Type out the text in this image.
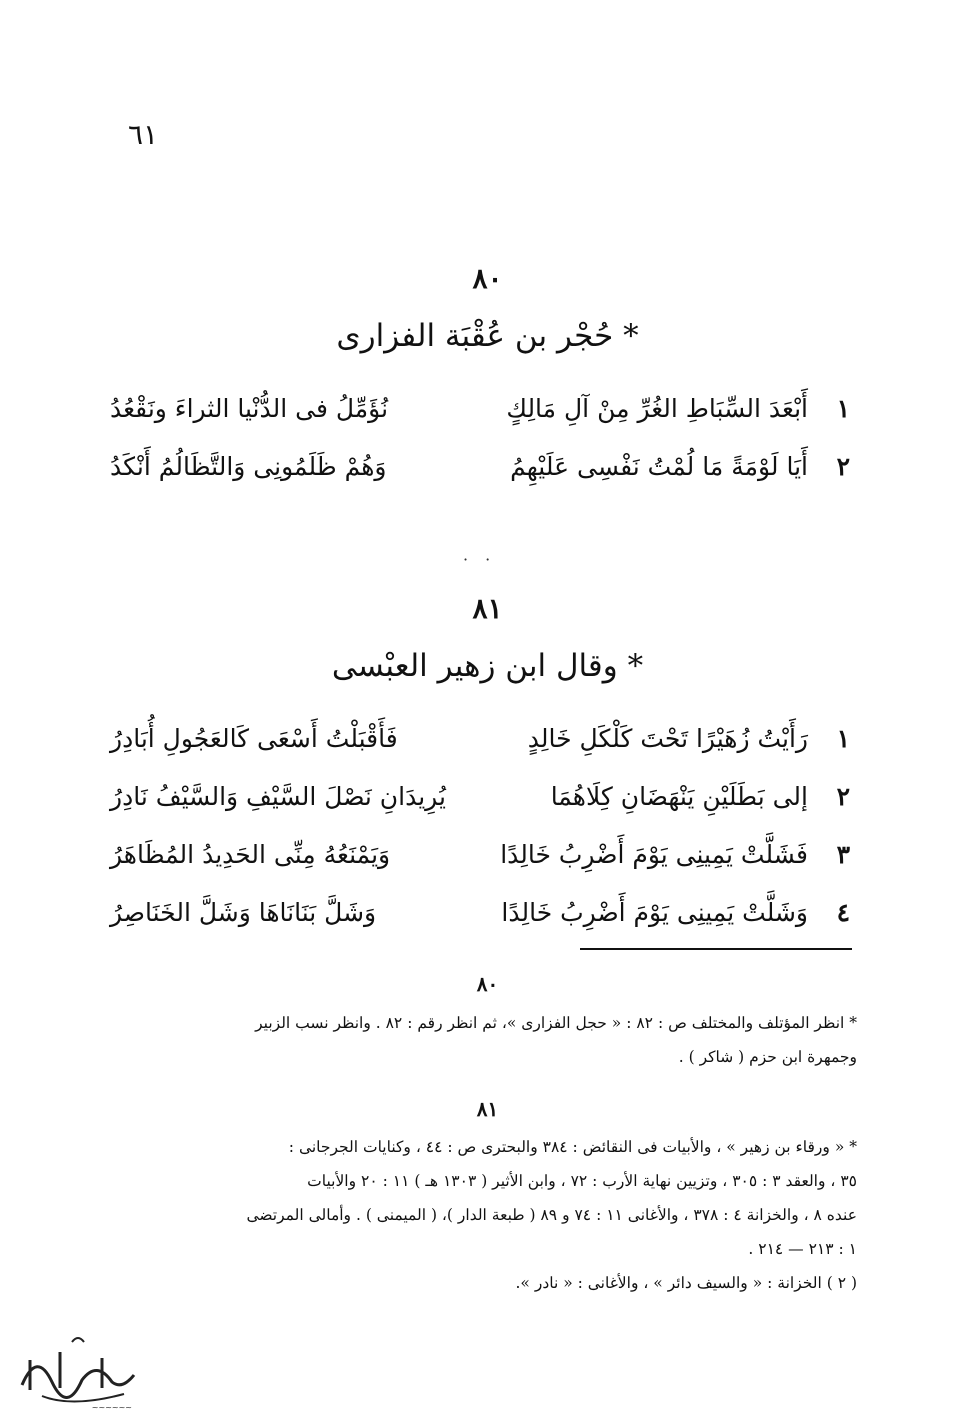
٦١
٨٠
حُجْر بن عُقْبَة الفزارى *
١
أَبْعَدَ السِّبَاطِ الغُرِّ مِنْ آلِ مَالِكٍ
نُؤَمِّلُ فى الدُّنْيا الثراءَ ونَقْعُدُ
٢
أَيَا لَوْمَةً مَا لُمْتُ نَفْسِى عَلَيْهِمُ
وَهُمْ ظَلَمُونِى وَالتَّظَالُمُ أَنْكَدُ
· ·
٨١
وقال ابن زهير العبْسى *
١
رَأَيْتُ زُهَيْرًا تَحْتَ كَلْكَلِ خَالِدٍ
فَأَقْبَلْتُ أَسْعَى كَالعَجُولِ أُبَادِرُ
٢
إلى بَطَلَيْنِ يَنْهَضَانِ كِلَاهُمَا
يُرِيدَانِ نَصْلَ السَّيْفِ وَالسَّيْفُ نَادِرُ
٣
فَشَلَّتْ يَمِينِى يَوْمَ أَضْرِبُ خَالِدًا
وَيَمْنَعُهُ مِنِّى الحَدِيدُ المُظَاهَرُ
٤
وَشَلَّتْ يَمِينِى يَوْمَ أَضْرِبُ خَالِدًا
وَشَلَّ بَنَانَاهَا وَشَلَّ الخَنَاصِرُ
٨٠
* انظر المؤتلف والمختلف ص : ٨٢ : « حجل الفزارى »، ثم انظر رقم : ٨٢ . وانظر نسب الزبير
وجمهرة ابن حزم ( شاكر ) .
٨١
* « ورقاء بن زهير » ، والأبيات فى النقائض : ٣٨٤ والبحترى ص : ٤٤ ، وكنايات الجرجانى :
٣٥ ، والعقد ٣ : ٣٠٥ ، وتزيين نهاية الأرب : ٧٢ ، وابن الأثير ( ١٣٠٣ هـ ) ١١ : ٢٠ والأبيات
عنده ٨ ، والخزانة ٤ : ٣٧٨ ، والأغانى ١١ : ٧٤ و ٨٩ ( طبعة الدار )، ( الميمنى ) . وأمالى المرتضى
١ : ٢١٣ — ٢١٤ .
( ٢ ) الخزانة : « والسيف دائر » ، والأغانى : « نادر ».
~~~~~~
